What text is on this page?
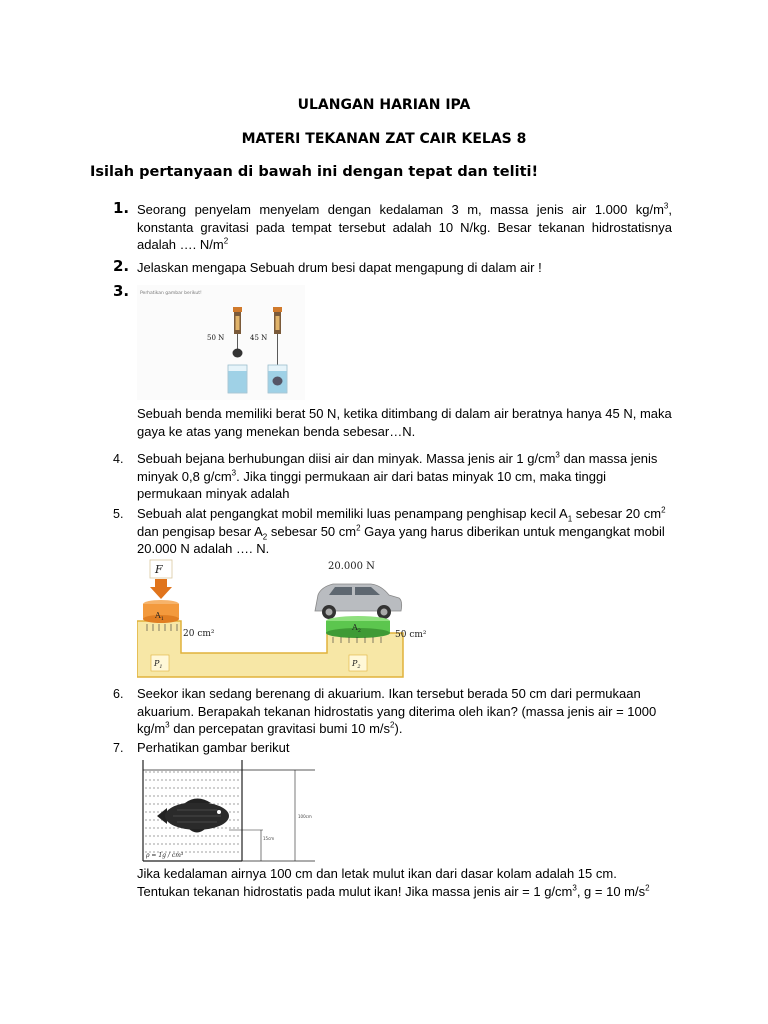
ULANGAN HARIAN IPA
MATERI TEKANAN ZAT CAIR KELAS 8
Isilah pertanyaan di bawah ini dengan tepat dan teliti!
1. Seorang penyelam menyelam dengan kedalaman 3 m, massa jenis air 1.000 $kg/m^3$, konstanta gravitasi pada tempat tersebut adalah 10 N/kg. Besar tekanan hidrostatisnya adalah …. $N/m^2$
2. Jelaskan mengapa Sebuah drum besi dapat mengapung di dalam air !
3. Perhatikan gambar berikut!
50 N	45 N
Sebuah benda memiliki berat 50 N, ketika ditimbang di dalam air beratnya hanya 45 N, maka gaya ke atas yang menekan benda sebesar…N.
4. Sebuah bejana berhubungan diisi air dan minyak. Massa jenis air 1 $g/cm^3$ dan massa jenis minyak 0,8 $g/cm^3$. Jika tinggi permukaan air dari batas minyak 10 cm, maka tinggi permukaan minyak adalah
5. Sebuah alat pengangkat mobil memiliki luas penampang penghisap kecil $A_1$ sebesar 20 $cm^2$ dan pengisap besar $A_2$ sebesar 50 $cm^2$ Gaya yang harus diberikan untuk mengangkat mobil 20.000 N adalah …. N.
F
$A_1$
20 cm²
$P_1$
20.000 N
$A_2$	50 cm²
$P_2$
6. Seekor ikan sedang berenang di akuarium. Ikan tersebut berada 50 cm dari permukaan akuarium. Berapakah tekanan hidrostatis yang diterima oleh ikan? (massa jenis air = 1000 $kg/m^3$ dan percepatan gravitasi bumi 10 $m/s^2$).
7. Perhatikan gambar berikut
ρ = 1g / cm³
15cm
100cm
Jika kedalaman airnya 100 cm dan letak mulut ikan dari dasar kolam adalah 15 cm. Tentukan tekanan hidrostatis pada mulut ikan! Jika massa jenis air = 1 $g/cm^3$, g = 10 $m/s^2$
